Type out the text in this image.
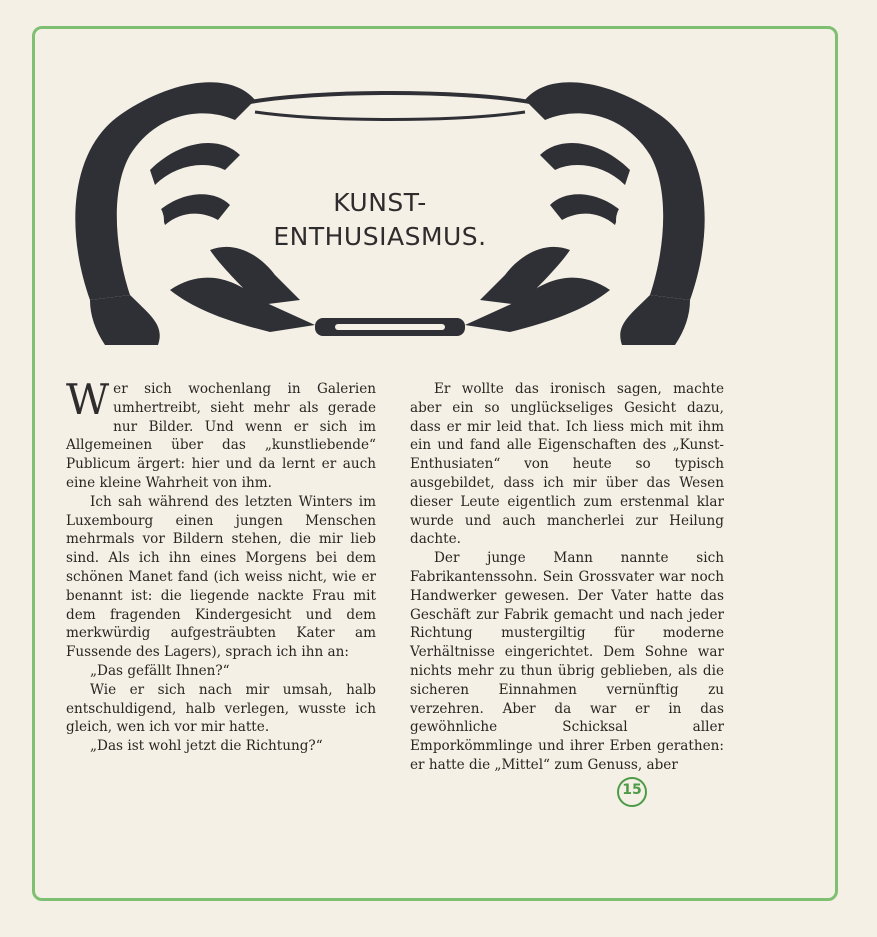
KUNST-
ENTHUSIASMUS.

Wer sich wochenlang in Galerien umhertreibt, sieht mehr als gerade nur Bilder. Und wenn er sich im Allgemeinen über das „kunstliebende“ Publicum ärgert: hier und da lernt er auch eine kleine Wahrheit von ihm.

Ich sah während des letzten Winters im Luxembourg einen jungen Menschen mehrmals vor Bildern stehen, die mir lieb sind. Als ich ihn eines Morgens bei dem schönen Manet fand (ich weiss nicht, wie er benannt ist: die liegende nackte Frau mit dem fragenden Kindergesicht und dem merkwürdig aufgesträubten Kater am Fussende des Lagers), sprach ich ihn an:

„Das gefällt Ihnen?“

Wie er sich nach mir umsah, halb entschuldigend, halb verlegen, wusste ich gleich, wen ich vor mir hatte.

„Das ist wohl jetzt die Richtung?“

Er wollte das ironisch sagen, machte aber ein so unglückseliges Gesicht dazu, dass er mir leid that. Ich liess mich mit ihm ein und fand alle Eigenschaften des „Kunst-Enthusiaten“ von heute so typisch ausgebildet, dass ich mir über das Wesen dieser Leute eigentlich zum erstenmal klar wurde und auch mancherlei zur Heilung dachte.

Der junge Mann nannte sich Fabrikantenssohn. Sein Grossvater war noch Handwerker gewesen. Der Vater hatte das Geschäft zur Fabrik gemacht und nach jeder Richtung mustergiltig für moderne Verhältnisse eingerichtet. Dem Sohne war nichts mehr zu thun übrig geblieben, als die sicheren Einnahmen vernünftig zu verzehren. Aber da war er in das gewöhnliche Schicksal aller Emporkömmlinge und ihrer Erben gerathen: er hatte die „Mittel“ zum Genuss, aber

15
